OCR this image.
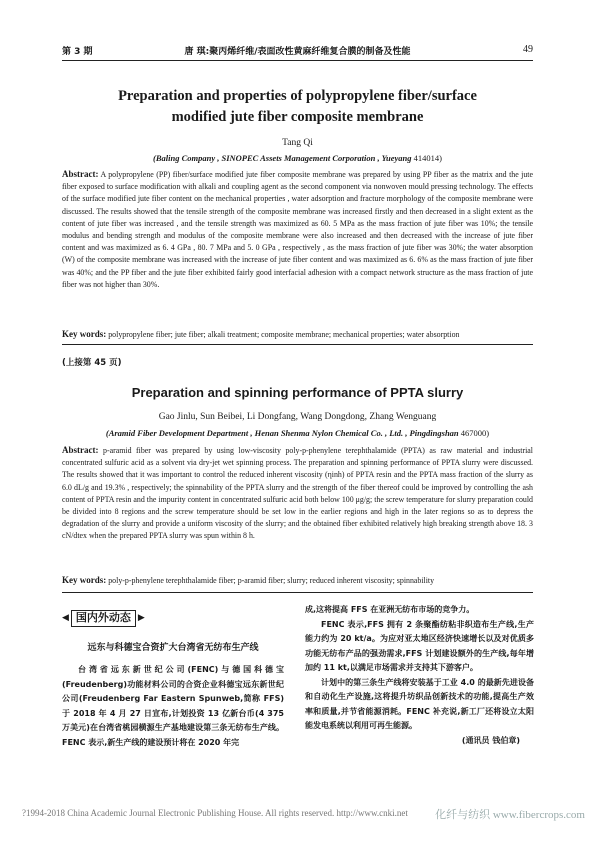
第 3 期	唐 琪:聚丙烯纤维/表面改性黄麻纤维复合膜的制备及性能	49
Preparation and properties of polypropylene fiber/surface
modified jute fiber composite membrane
Tang Qi
(Baling Company , SINOPEC Assets Management Corporation , Yueyang 414014)
Abstract: A polypropylene (PP) fiber/surface modified jute fiber composite membrane was prepared by using PP fiber as the matrix and the jute fiber exposed to surface modification with alkali and coupling agent as the second component via nonwoven mould pressing technology. The effects of the surface modified jute fiber content on the mechanical properties , water adsorption and fracture morphology of the composite membrane were discussed. The results showed that the tensile strength of the composite membrane was increased firstly and then decreased in a slight extent as the content of jute fiber was increased , and the tensile strength was maximized as 60. 5 MPa as the mass fraction of jute fiber was 10%; the tensile modulus and bending strength and modulus of the composite membrane were also increased and then decreased with the increase of jute fiber content and was maximized as 6. 4 GPa , 80. 7 MPa and 5. 0 GPa , respectively , as the mass fraction of jute fiber was 30%; the water absorption (W) of the composite membrane was increased with the increase of jute fiber content and was maximized as 6. 6% as the mass fraction of jute fiber was 40%; and the PP fiber and the jute fiber exhibited fairly good interfacial adhesion with a compact network structure as the mass fraction of jute fiber was not higher than 30%.
Key words: polypropylene fiber; jute fiber; alkali treatment; composite membrane; mechanical properties; water absorption
(上接第 45 页)
Preparation and spinning performance of PPTA slurry
Gao Jinlu, Sun Beibei, Li Dongfang, Wang Dongdong, Zhang Wenguang
(Aramid Fiber Development Department , Henan Shenma Nylon Chemical Co. , Ltd. , Pingdingshan 467000)
Abstract: p-aramid fiber was prepared by using low-viscosity poly-p-phenylene terephthalamide (PPTA) as raw material and industrial concentrated sulfuric acid as a solvent via dry-jet wet spinning process. The preparation and spinning performance of PPTA slurry were discussed. The results showed that it was important to control the reduced inherent viscosity (ηinh) of PPTA resin and the PPTA mass fraction of the slurry as 6.0 dL/g and 19.3% , respectively; the spinnability of the PPTA slurry and the strength of the fiber thereof could be improved by controlling the ash content of PPTA resin and the impurity content in concentrated sulfuric acid both below 100 μg/g; the screw temperature for slurry preparation could be divided into 8 regions and the screw temperature should be set low in the earlier regions and high in the later regions so as to depress the degradation of the slurry and provide a uniform viscosity of the slurry; and the obtained fiber exhibited relatively high breaking strength above 18. 3 cN/dtex when the prepared PPTA slurry was spun within 8 h.
Key words: poly-p-phenylene terephthalamide fiber; p-aramid fiber; slurry; reduced inherent viscosity; spinnability
◀ 国内外动态 ▶
远东与科德宝合资扩大台湾省无纺布生产线

台湾省远东新世纪公司(FENC)与德国科德宝(Freudenberg)功能材料公司的合资企业科德宝远东新世纪公司(Freudenberg Far Eastern Spunweb,简称 FFS)于 2018 年 4 月 27 日宣布,计划投资 13 亿新台币(4 375 万美元)在台湾省桃园横源生产基地建设第三条无纺布生产线。FENC 表示,新生产线的建设预计将在 2020 年完

成,这将提高 FFS 在亚洲无纺布市场的竞争力。

FENC 表示,FFS 拥有 2 条聚酯纺粘非织造布生产线,生产能力约为 20 kt/a。为应对亚太地区经济快速增长以及对优质多功能无纺布产品的强劲需求,FFS 计划建设额外的生产线,每年增加约 11 kt,以满足市场需求并支持其下游客户。

计划中的第三条生产线将安装基于工业 4.0 的最新先进设备和自动化生产设施,这将提升坊织品创新技术的功能,提高生产效率和质量,并节省能源消耗。FENC 补充说,新工厂还将设立太阳能发电系统以利用可再生能源。

(通讯员 钱伯章)
?1994-2018 China Academic Journal Electronic Publishing House. All rights reserved. http://www.cnki.net 化纤与纺织 www.fibercrops.com
